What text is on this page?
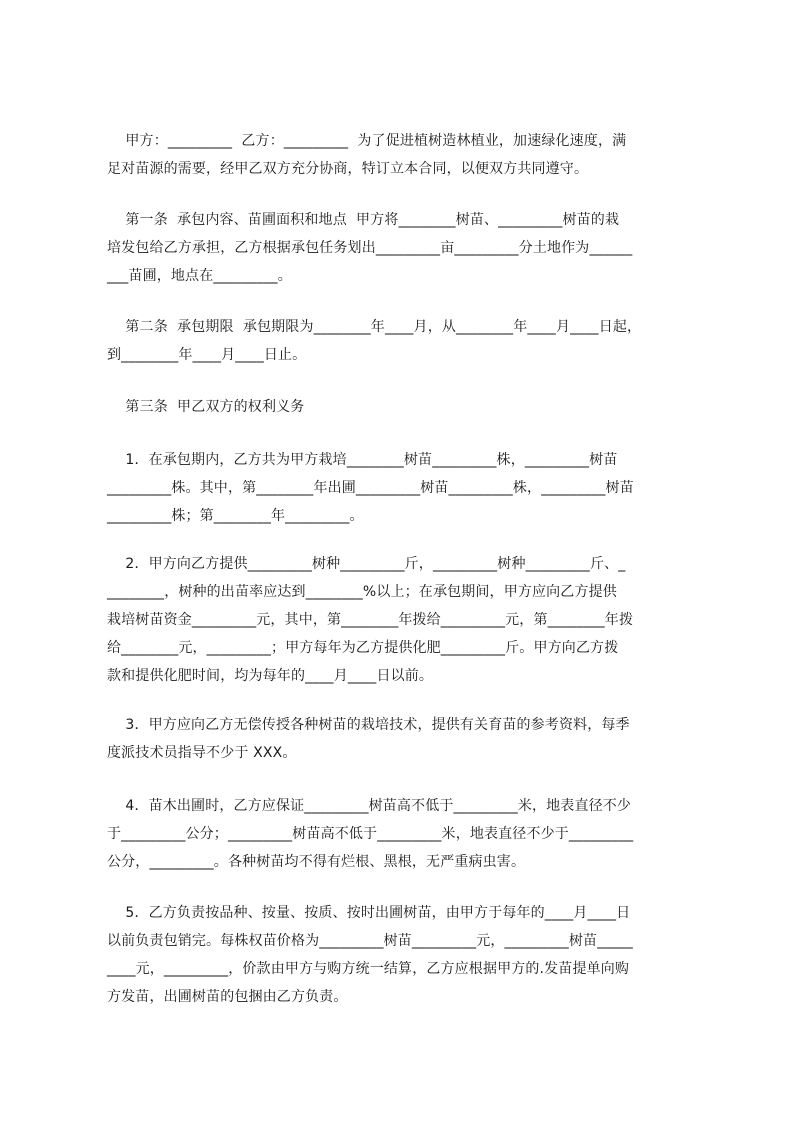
甲方：_________  乙方：_________  为了促进植树造林植业，加速绿化速度，满
足对苗源的需要，经甲乙双方充分协商，特订立本合同，以便双方共同遵守。
第一条  承包内容、苗圃面积和地点  甲方将________树苗、_________树苗的栽
培发包给乙方承担，乙方根据承包任务划出_________亩_________分土地作为______
___苗圃，地点在_________。
第二条  承包期限  承包期限为________年____月，从________年____月____日起，
到________年____月____日止。
第三条  甲乙双方的权利义务
1．在承包期内，乙方共为甲方栽培________树苗_________株，_________树苗
_________株。其中，第________年出圃_________树苗_________株，_________树苗
_________株；第________年_________。
2．甲方向乙方提供_________树种_________斤，_________树种_________斤、_
________，树种的出苗率应达到________%以上；在承包期间，甲方应向乙方提供
栽培树苗资金_________元，其中，第________年拨给_________元，第________年拨
给________元，_________；甲方每年为乙方提供化肥_________斤。甲方向乙方拨
款和提供化肥时间，均为每年的____月____日以前。
3．甲方应向乙方无偿传授各种树苗的栽培技术，提供有关育苗的参考资料，每季
度派技术员指导不少于 XXX。
4．苗木出圃时，乙方应保证_________树苗高不低于_________米，地表直径不少
于_________公分；_________树苗高不低于_________米，地表直径不少于_________
公分，_________。各种树苗均不得有烂根、黑根，无严重病虫害。
5．乙方负责按品种、按量、按质、按时出圃树苗，由甲方于每年的____月____日
以前负责包销完。每株权苗价格为_________树苗_________元，_________树苗_____
____元，_________，价款由甲方与购方统一结算，乙方应根据甲方的.发苗提单向购
方发苗，出圃树苗的包捆由乙方负责。
